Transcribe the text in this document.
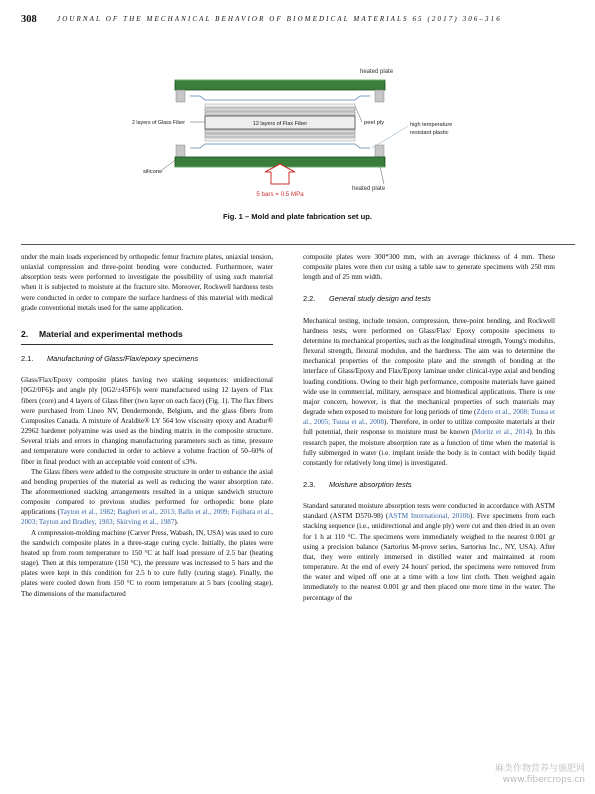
308	JOURNAL OF THE MECHANICAL BEHAVIOR OF BIOMEDICAL MATERIALS 65 (2017) 306–316
heated plate
12 layers of Flax Fiber
2 layers of Glass Fiber	peel ply	high temperature
resistant plastic
silicone
heated plate
5 bars = 0.5 MPa
Fig. 1 – Mold and plate fabrication set up.

under the main loads experienced by orthopedic femur fracture plates, uniaxial tension, uniaxial compression and three-point bending were conducted. Furthermore, water absorption tests were performed to investigate the possibility of using such material when it is subjected to moisture at the fracture site. Moreover, Rockwell hardness tests were conducted in order to compare the surface hardness of this material with medical grade conventional metals used for the same application.

2. Material and experimental methods
2.1. Manufacturing of Glass/Flax/epoxy specimens

Glass/Flax/Epoxy composite plates having two staking sequences: unidirectional [0G2/0F6]s and angle ply [0G2/±45F6]s were manufactured using 12 layers of Flax fibers (core) and 4 layers of Glass fiber (two layer on each face) (Fig. 1). The flax fibers were purchased from Lineo NV, Dendermonde, Belgium, and the glass fibers from Composites Canada. A mixture of Araldite® LY 564 low viscosity epoxy and Aradur® 22962 hardener polyamine was used as the binding matrix in the composite structure. Several trials and errors in changing manufacturing parameters such as time, pressure and temperature were conducted in order to achieve a volume fraction of 50–60% of fiber in final product with an acceptable void content of ≤3%.

The Glass fibers were added to the composite structure in order to enhance the axial and bending properties of the material as well as reducing the water absorption rate. The aforementioned stacking arrangements resulted in a unique sandwich structure composite compared to previous studies performed for orthopedic bone plate applications (Tayton et al., 1982; Bagheri et al., 2013; Ballo et al., 2009; Fujihara et al., 2003; Tayton and Bradley, 1983; Skirving et al., 1987).

A compression-molding machine (Carver Press, Wabash, IN, USA) was used to cure the sandwich composite plates in a three-stage curing cycle. Initially, the plates were heated up from room temperature to 150 °C at half load pressure of 2.5 bar (heating stage). Then at this temperature (150 °C), the pressure was increased to 5 bars and the plates were kept in this condition for 2.5 h to cure fully (curing stage). Finally, the plates were cooled down from 150 °C to room temperature at 5 bars (cooling stage). The dimensions of the manufactured

composite plates were 300*300 mm, with an average thickness of 4 mm. These composite plates were then cut using a table saw to generate specimens with 250 mm length and of 25 mm width.

2.2. General study design and tests

Mechanical testing, include tension, compression, three-point bending, and Rockwell hardness tests, were performed on Glass/Flax/ Epoxy composite specimens to determine its mechanical properties, such as the longitudinal strength, Young's modulus, flexural strength, flexural modulus, and the hardness. The aim was to determine the mechanical properties of the composite plate and the strength of bonding at the interface of Glass/Epoxy and Flax/Epoxy laminae under clinical-type axial and bending loading conditions. Owing to their high performance, composite materials have gained wide use in commercial, military, aerospace and biomedical applications. There is one major concern, however, is that the mechanical properties of such materials may degrade when exposed to moisture for long periods of time (Zdero et al., 2008; Tuusa et al., 2005; Tuusa et al., 2008). Therefore, in order to utilize composite materials at their full potential, their response to moisture must be known (Moritz et al., 2014). In this research paper, the moisture absorption rate as a function of time when the material is fully submerged in water (i.e. implant inside the body is in contact with bodily liquid constantly for relatively long time) is investigated.

2.3. Moisture absorption tests

Standard saturated moisture absorption tests were conducted in accordance with ASTM standard (ASTM D570-98) (ASTM International, 2010b). Five specimens from each stacking sequence (i.e., unidirectional and angle ply) were cut and then dried in an oven for 1 h at 110 °C. The specimens were immediately weighed to the nearest 0.001 gr using a precision balance (Sartorius M-prove series, Sartorius Inc., NY, USA). After that, they were entirely immersed in distilled water and maintained at room temperature. At the end of every 24 hours' period, the specimens were removed from the water and wiped off one at a time with a low lint cloth. Then weighed again immediately to the nearest 0.001 gr and then placed one more time in the water. The percentage of the

麻类作物营养与施肥网
www.fibercrops.cn
